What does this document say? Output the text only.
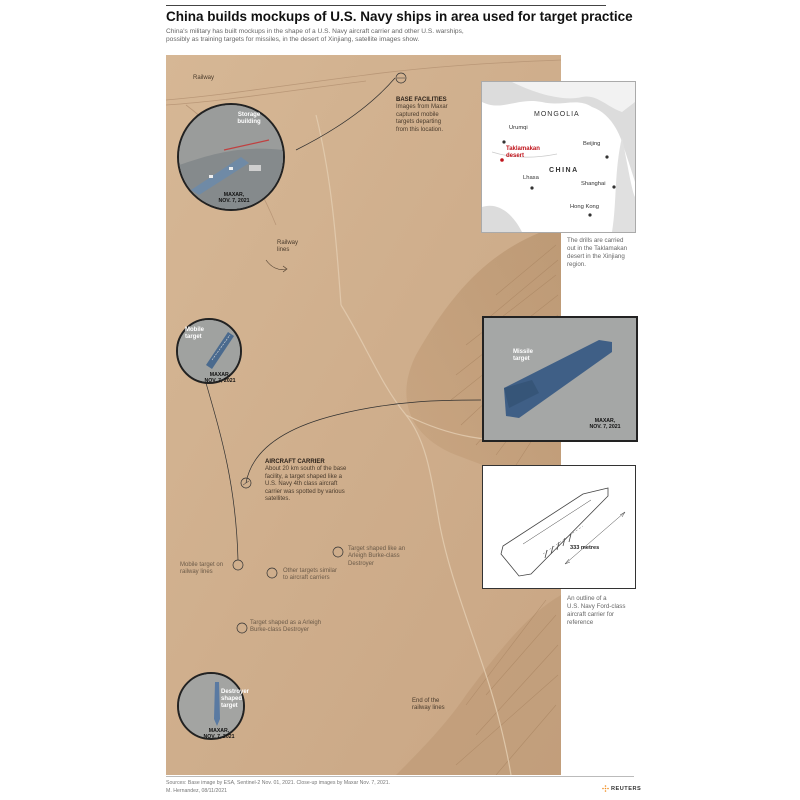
China builds mockups of U.S. Navy ships in area used for target practice
China's military has built mockups in the shape of a U.S. Navy aircraft carrier and other U.S. warships, possibly as training targets for missiles, in the desert of Xinjiang, satellite images show.
Railway
Railway
lines
BASE FACILITIES
Images from Maxar
captured mobile
targets departing
from this location.
AIRCRAFT CARRIER
About 20 km south of the base
facility, a target shaped like a
U.S. Navy 4th class aircraft
carrier was spotted by various
satellites.
Mobile target on
railway lines	Other targets similar
to aircraft carriers
Target shaped like an
Arleigh Burke-class
Destroyer
Target shaped as a Arleigh
Burke-class Destroyer
End of the
railway lines
Storage
building
MAXAR,
NOV. 7, 2021
Mobile
target
MAXAR,
NOV. 7, 2021
Destroyer
shaped
target
MAXAR,
NOV. 7, 2021
MONGOLIA
Urumqi
Beijing
CHINA
Lhasa
Shanghai
Hong Kong
Taklamakan
desert
The drills are carried
out in the Taklamakan
desert in the Xinjiang
region.
Missile
target
MAXAR,
NOV. 7, 2021
333 metres
An outline of a
U.S. Navy Ford-class
aircraft carrier for
reference
Sources: Base image by ESA, Sentinel-2 Nov. 01, 2021. Close-up images by Maxar Nov. 7, 2021.
M. Hernandez, 08/11/2021	REUTERS
